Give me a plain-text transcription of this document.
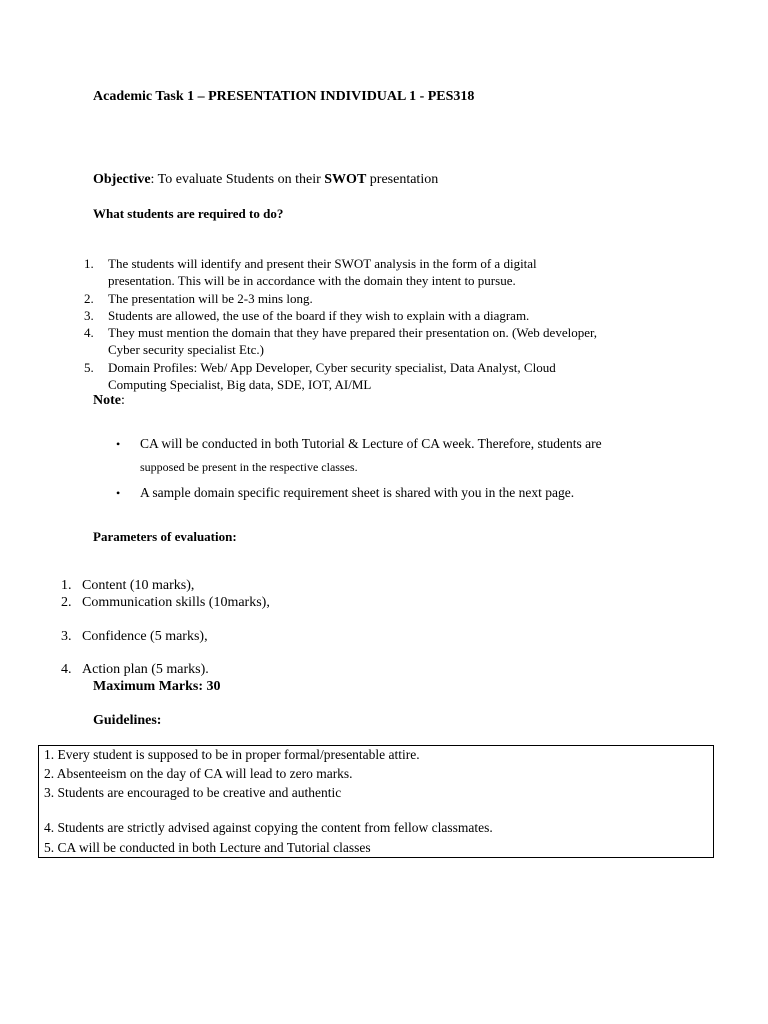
Academic Task 1 – PRESENTATION INDIVIDUAL 1 - PES318
Objective: To evaluate Students on their SWOT presentation
What students are required to do?
1. The students will identify and present their SWOT analysis in the form of a digital
presentation. This will be in accordance with the domain they intent to pursue.
2. The presentation will be 2-3 mins long.
3. Students are allowed, the use of the board if they wish to explain with a diagram.
4. They must mention the domain that they have prepared their presentation on. (Web developer,
Cyber security specialist Etc.)
5. Domain Profiles: Web/ App Developer, Cyber security specialist, Data Analyst, Cloud
Computing Specialist, Big data, SDE, IOT, AI/ML
Note:
• CA will be conducted in both Tutorial & Lecture of CA week. Therefore, students are
supposed be present in the respective classes.
• A sample domain specific requirement sheet is shared with you in the next page.
Parameters of evaluation:
1. Content (10 marks),
2. Communication skills (10marks),
3. Confidence (5 marks),
4. Action plan (5 marks).
Maximum Marks: 30
Guidelines:
1. Every student is supposed to be in proper formal/presentable attire.
2. Absenteeism on the day of CA will lead to zero marks.
3. Students are encouraged to be creative and authentic
4. Students are strictly advised against copying the content from fellow classmates.
5. CA will be conducted in both Lecture and Tutorial classes
